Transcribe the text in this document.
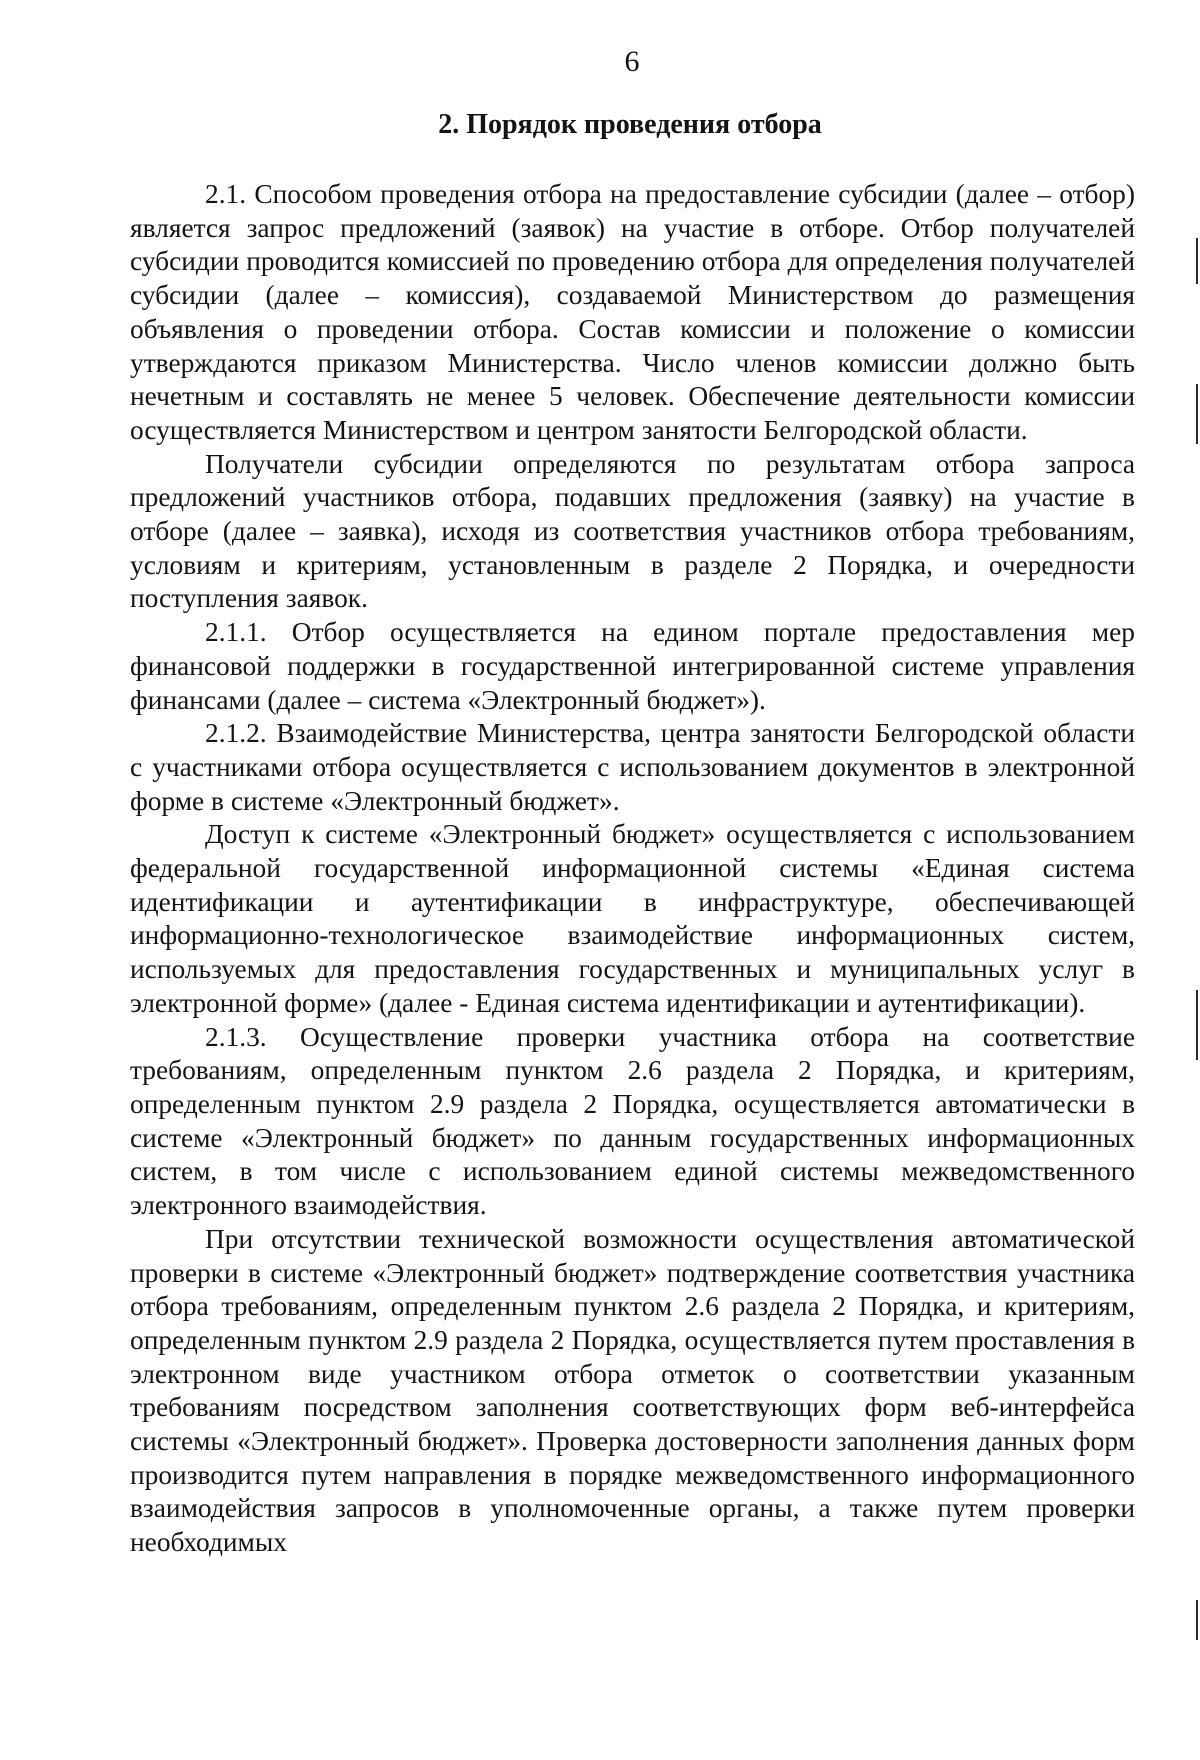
6
2. Порядок проведения отбора

2.1. Способом проведения отбора на предоставление субсидии (далее – отбор) является запрос предложений (заявок) на участие в отборе. Отбор получателей субсидии проводится комиссией по проведению отбора для определения получателей субсидии (далее – комиссия), создаваемой Министерством до размещения объявления о проведении отбора. Состав комиссии и положение о комиссии утверждаются приказом Министерства. Число членов комиссии должно быть нечетным и составлять не менее 5 человек. Обеспечение деятельности комиссии осуществляется Министерством и центром занятости Белгородской области.

Получатели субсидии определяются по результатам отбора запроса предложений участников отбора, подавших предложения (заявку) на участие в отборе (далее – заявка), исходя из соответствия участников отбора требованиям, условиям и критериям, установленным в разделе 2 Порядка, и очередности поступления заявок.

2.1.1. Отбор осуществляется на едином портале предоставления мер финансовой поддержки в государственной интегрированной системе управления финансами (далее – система «Электронный бюджет»).

2.1.2. Взаимодействие Министерства, центра занятости Белгородской области с участниками отбора осуществляется с использованием документов в электронной форме в системе «Электронный бюджет».

Доступ к системе «Электронный бюджет» осуществляется с использованием федеральной государственной информационной системы «Единая система идентификации и аутентификации в инфраструктуре, обеспечивающей информационно-технологическое взаимодействие информационных систем, используемых для предоставления государственных и муниципальных услуг в электронной форме» (далее - Единая система идентификации и аутентификации).

2.1.3. Осуществление проверки участника отбора на соответствие требованиям, определенным пунктом 2.6 раздела 2 Порядка, и критериям, определенным пунктом 2.9 раздела 2 Порядка, осуществляется автоматически в системе «Электронный бюджет» по данным государственных информационных систем, в том числе с использованием единой системы межведомственного электронного взаимодействия.

При отсутствии технической возможности осуществления автоматической проверки в системе «Электронный бюджет» подтверждение соответствия участника отбора требованиям, определенным пунктом 2.6 раздела 2 Порядка, и критериям, определенным пунктом 2.9 раздела 2 Порядка, осуществляется путем проставления в электронном виде участником отбора отметок о соответствии указанным требованиям посредством заполнения соответствующих форм веб-интерфейса системы «Электронный бюджет». Проверка достоверности заполнения данных форм производится путем направления в порядке межведомственного информационного взаимодействия запросов в уполномоченные органы, а также путем проверки необходимых
